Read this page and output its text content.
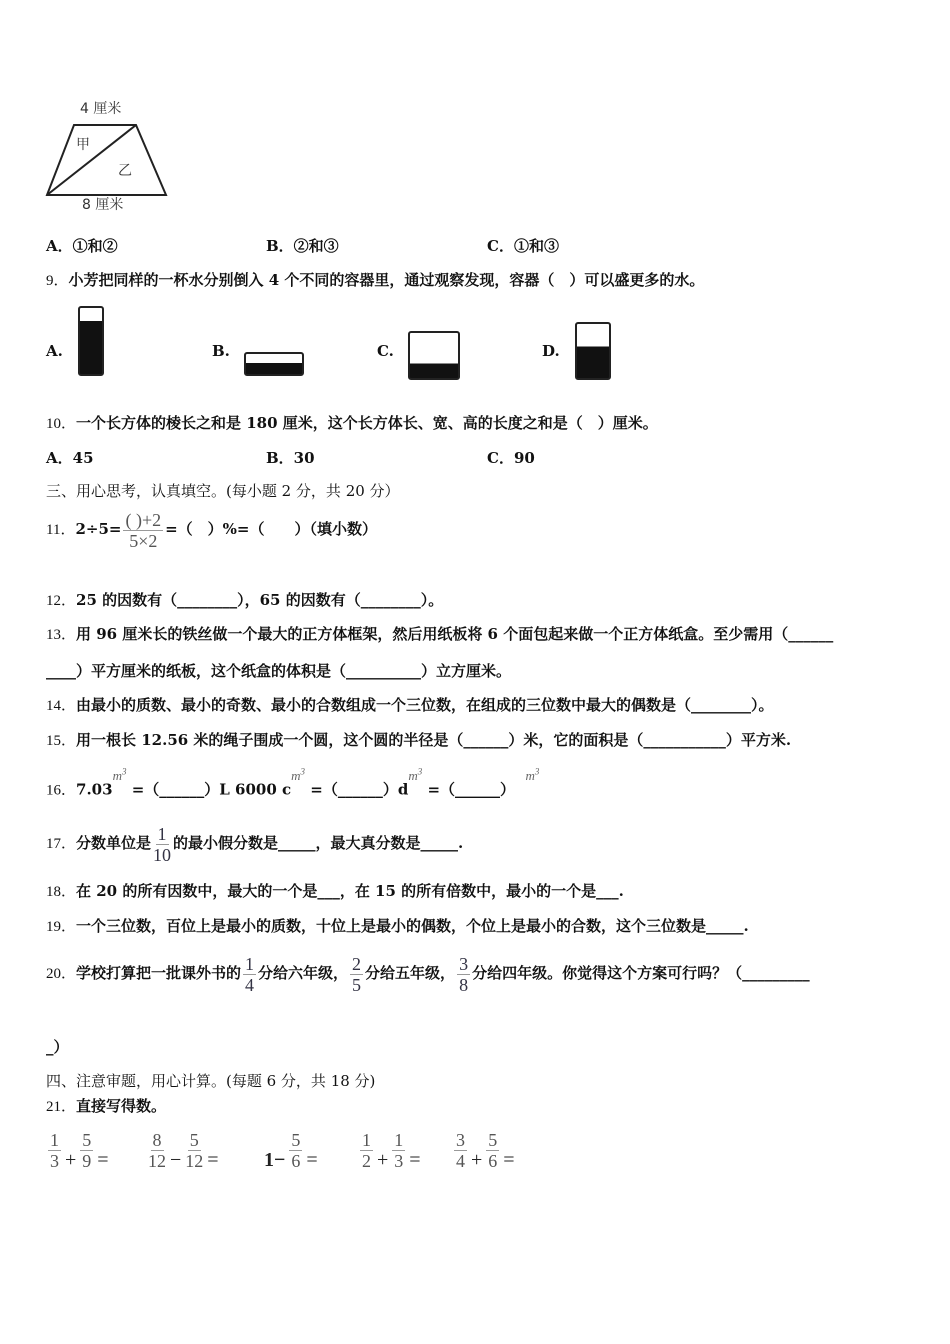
4 厘米
甲
乙
8 厘米
A．①和②	B．②和③	C．①和③
9．小芳把同样的一杯水分别倒入 4 个不同的容器里，通过观察发现，容器（　）可以盛更多的水。
A.	B.	C.	D.
10．一个长方体的棱长之和是 180 厘米，这个长方体长、宽、高的长度之和是（　）厘米。
A．45	B．30	C．90
三、用心思考，认真填空。(每小题 2 分，共 20 分）
11．$2\div 5= \frac{( )+2}{5\times 2}$ =（　）%=（　　）（填小数）
12．25 的因数有（________），65 的因数有（________）。
13．用 96 厘米长的铁丝做一个最大的正方体框架，然后用纸板将 6 个面包起来做一个正方体纸盒。至少需用（______
____）平方厘米的纸板，这个纸盒的体积是（__________）立方厘米。
14．由最小的质数、最小的奇数、最小的合数组成一个三位数，在组成的三位数中最大的偶数是（________）。
15．用一根长 12.56 米的绳子围成一个圆，这个圆的半径是（______）米，它的面积是（___________）平方米.
16．$7.03m^3$ =（______）L 6000 $cm^3$ $=(\_\_\_\_\_\_)dm^3$ =（______）  $m^3$
17．分数单位是 $\frac{1}{10}$ 的最小假分数是_____，最大真分数是_____.
18．在 20 的所有因数中，最大的一个是___，在 15 的所有倍数中，最小的一个是___.
19．一个三位数，百位上是最小的质数，十位上是最小的偶数，个位上是最小的合数，这个三位数是_____.
20．学校打算把一批课外书的 $\frac{1}{4}$ 分给六年级， $\frac{2}{5}$ 分给五年级， $\frac{3}{8}$ 分给四年级。你觉得这个方案可行吗？（_________
_）
四、注意审题，用心计算。(每题 6 分，共 18 分)
21．直接写得数。
$\frac{1}{3} + \frac{5}{9} = \frac{8}{12} - \frac{5}{12} = 1- \frac{5}{6} = \frac{1}{2} + \frac{1}{3} = \frac{3}{4} + \frac{5}{6}$ =
